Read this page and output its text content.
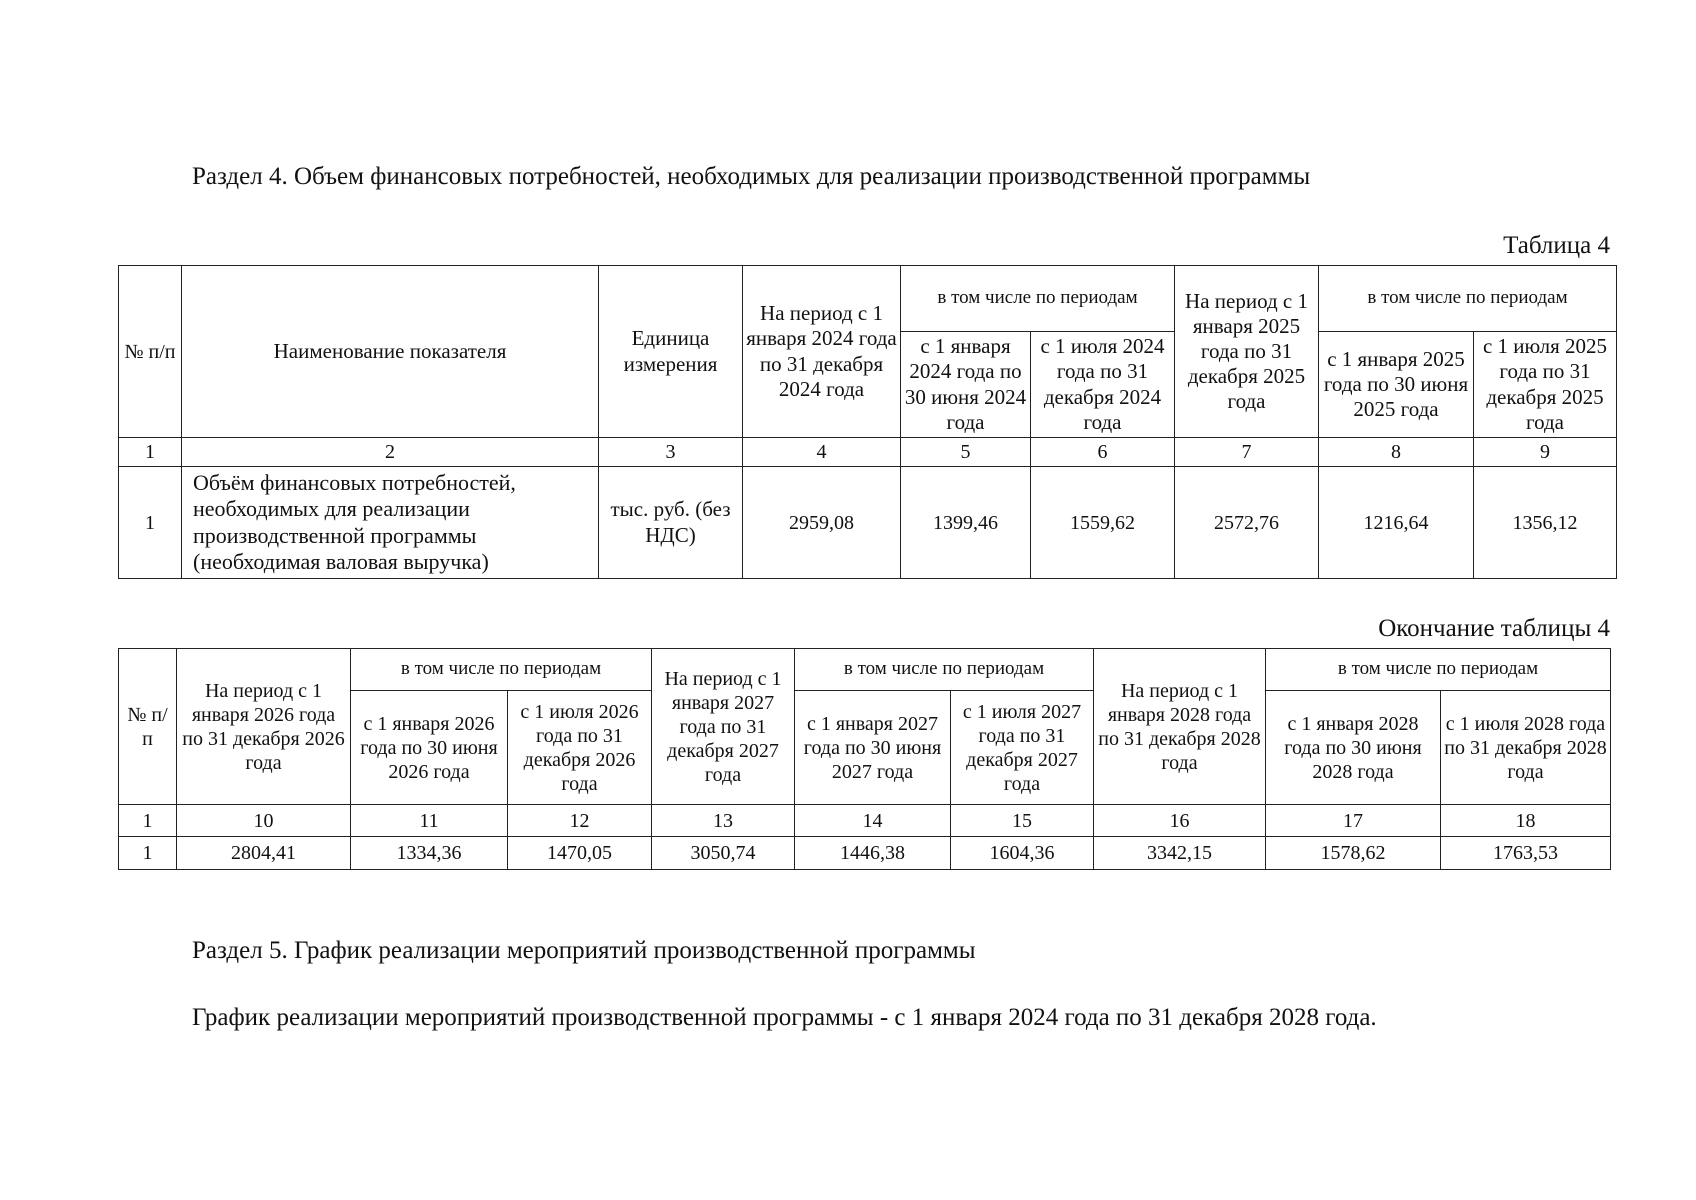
Раздел 4. Объем финансовых потребностей, необходимых для реализации производственной программы
Таблица 4
№ п/п	Наименование показателя	Единица измерения	На период с 1 января 2024 года по 31 декабря 2024 года	в том числе по периодам		На период с 1 января 2025 года по 31 декабря 2025 года	в том числе по периодам	
				с 1 января 2024 года по 30 июня 2024 года	с 1 июля 2024 года по 31 декабря 2024 года		с 1 января 2025 года по 30 июня 2025 года	с 1 июля 2025 года по 31 декабря 2025 года
1	2	3	4	5	6	7	8	9
1	Объём финансовых потребностей, необходимых для реализации производственной программы (необходимая валовая выручка)	тыс. руб. (без НДС)	2959,08	1399,46	1559,62	2572,76	1216,64	1356,12
Окончание таблицы 4
№ п/п	На период с 1 января 2026 года по 31 декабря 2026 года	в том числе по периодам		На период с 1 января 2027 года по 31 декабря 2027 года	в том числе по периодам		На период с 1 января 2028 года по 31 декабря 2028 года	в том числе по периодам	
		с 1 января 2026 года по 30 июня 2026 года	с 1 июля 2026 года по 31 декабря 2026 года		с 1 января 2027 года по 30 июня 2027 года	с 1 июля 2027 года по 31 декабря 2027 года		с 1 января 2028 года по 30 июня 2028 года	с 1 июля 2028 года по 31 декабря 2028 года
1	10	11	12	13	14	15	16	17	18
1	2804,41	1334,36	1470,05	3050,74	1446,38	1604,36	3342,15	1578,62	1763,53
Раздел 5. График реализации мероприятий производственной программы
График реализации мероприятий производственной программы - с 1 января 2024 года по 31 декабря 2028 года.
